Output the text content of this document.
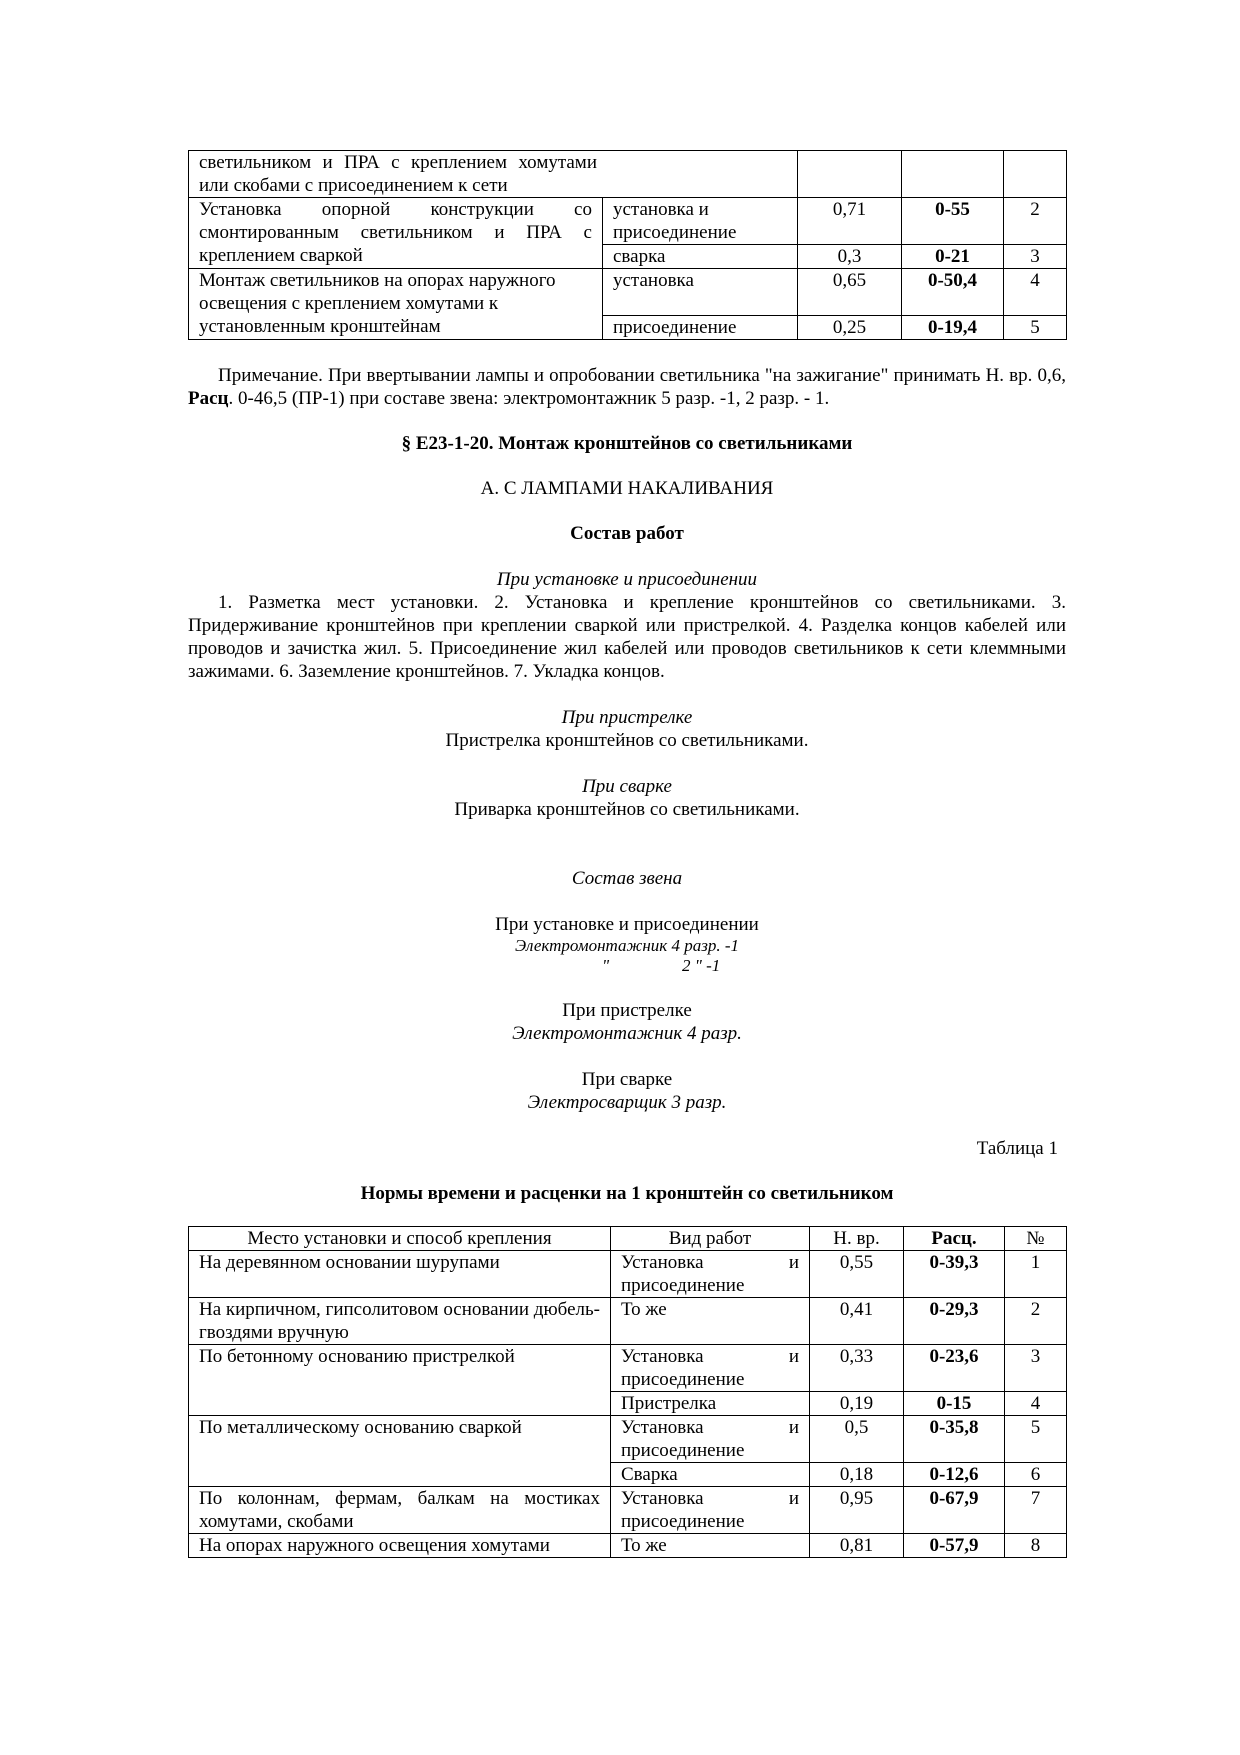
светильником и ПРА с креплением хомутами или скобами с присоединением к сети				
Установка опорной конструкции со смонтированным светильником и ПРА с креплением сваркой	установка и присоединение	0,71	0-55	2
	сварка	0,3	0-21	3
Монтаж светильников на опорах наружного освещения с креплением хомутами к установленным кронштейнам	установка	0,65	0-50,4	4
	присоединение	0,25	0-19,4	5

Примечание. При ввертывании лампы и опробовании светильника "на зажигание" принимать Н. вр. 0,6, Расц. 0-46,5 (ПР-1) при составе звена: электромонтажник 5 разр. -1, 2 разр. - 1.

§ Е23-1-20. Монтаж кронштейнов со светильниками
А. С ЛАМПАМИ НАКАЛИВАНИЯ
Состав работ
При установке и присоединении

1. Разметка мест установки. 2. Установка и крепление кронштейнов со светильниками. 3. Придерживание кронштейнов при креплении сваркой или пристрелкой. 4. Разделка концов кабелей или проводов и зачистка жил. 5. Присоединение жил кабелей или проводов светильников к сети клеммными зажимами. 6. Заземление кронштейнов. 7. Укладка концов.

При пристрелке
Пристрелка кронштейнов со светильниками.
При сварке
Приварка кронштейнов со светильниками.
Состав звена
При установке и присоединении
Электромонтажник 4 разр. -1
"	2 " -1
При пристрелке
Электромонтажник 4 разр.
При сварке
Электросварщик 3 разр.
Таблица 1
Нормы времени и расценки на 1 кронштейн со светильником
Место установки и способ крепления	Вид работ	Н. вр.	Расц.	№
На деревянном основании шурупами	Установка и
присоединение	0,55	0-39,3	1
На кирпичном, гипсолитовом основании дюбель-гвоздями вручную	То же	0,41	0-29,3	2
По бетонному основанию пристрелкой	Установка и
присоединение	0,33	0-23,6	3
	Пристрелка	0,19	0-15	4
По металлическому основанию сваркой	Установка и
присоединение	0,5	0-35,8	5
	Сварка	0,18	0-12,6	6
По колоннам, фермам, балкам на мостиках хомутами, скобами	Установка и
присоединение	0,95	0-67,9	7
На опорах наружного освещения хомутами	То же	0,81	0-57,9	8
